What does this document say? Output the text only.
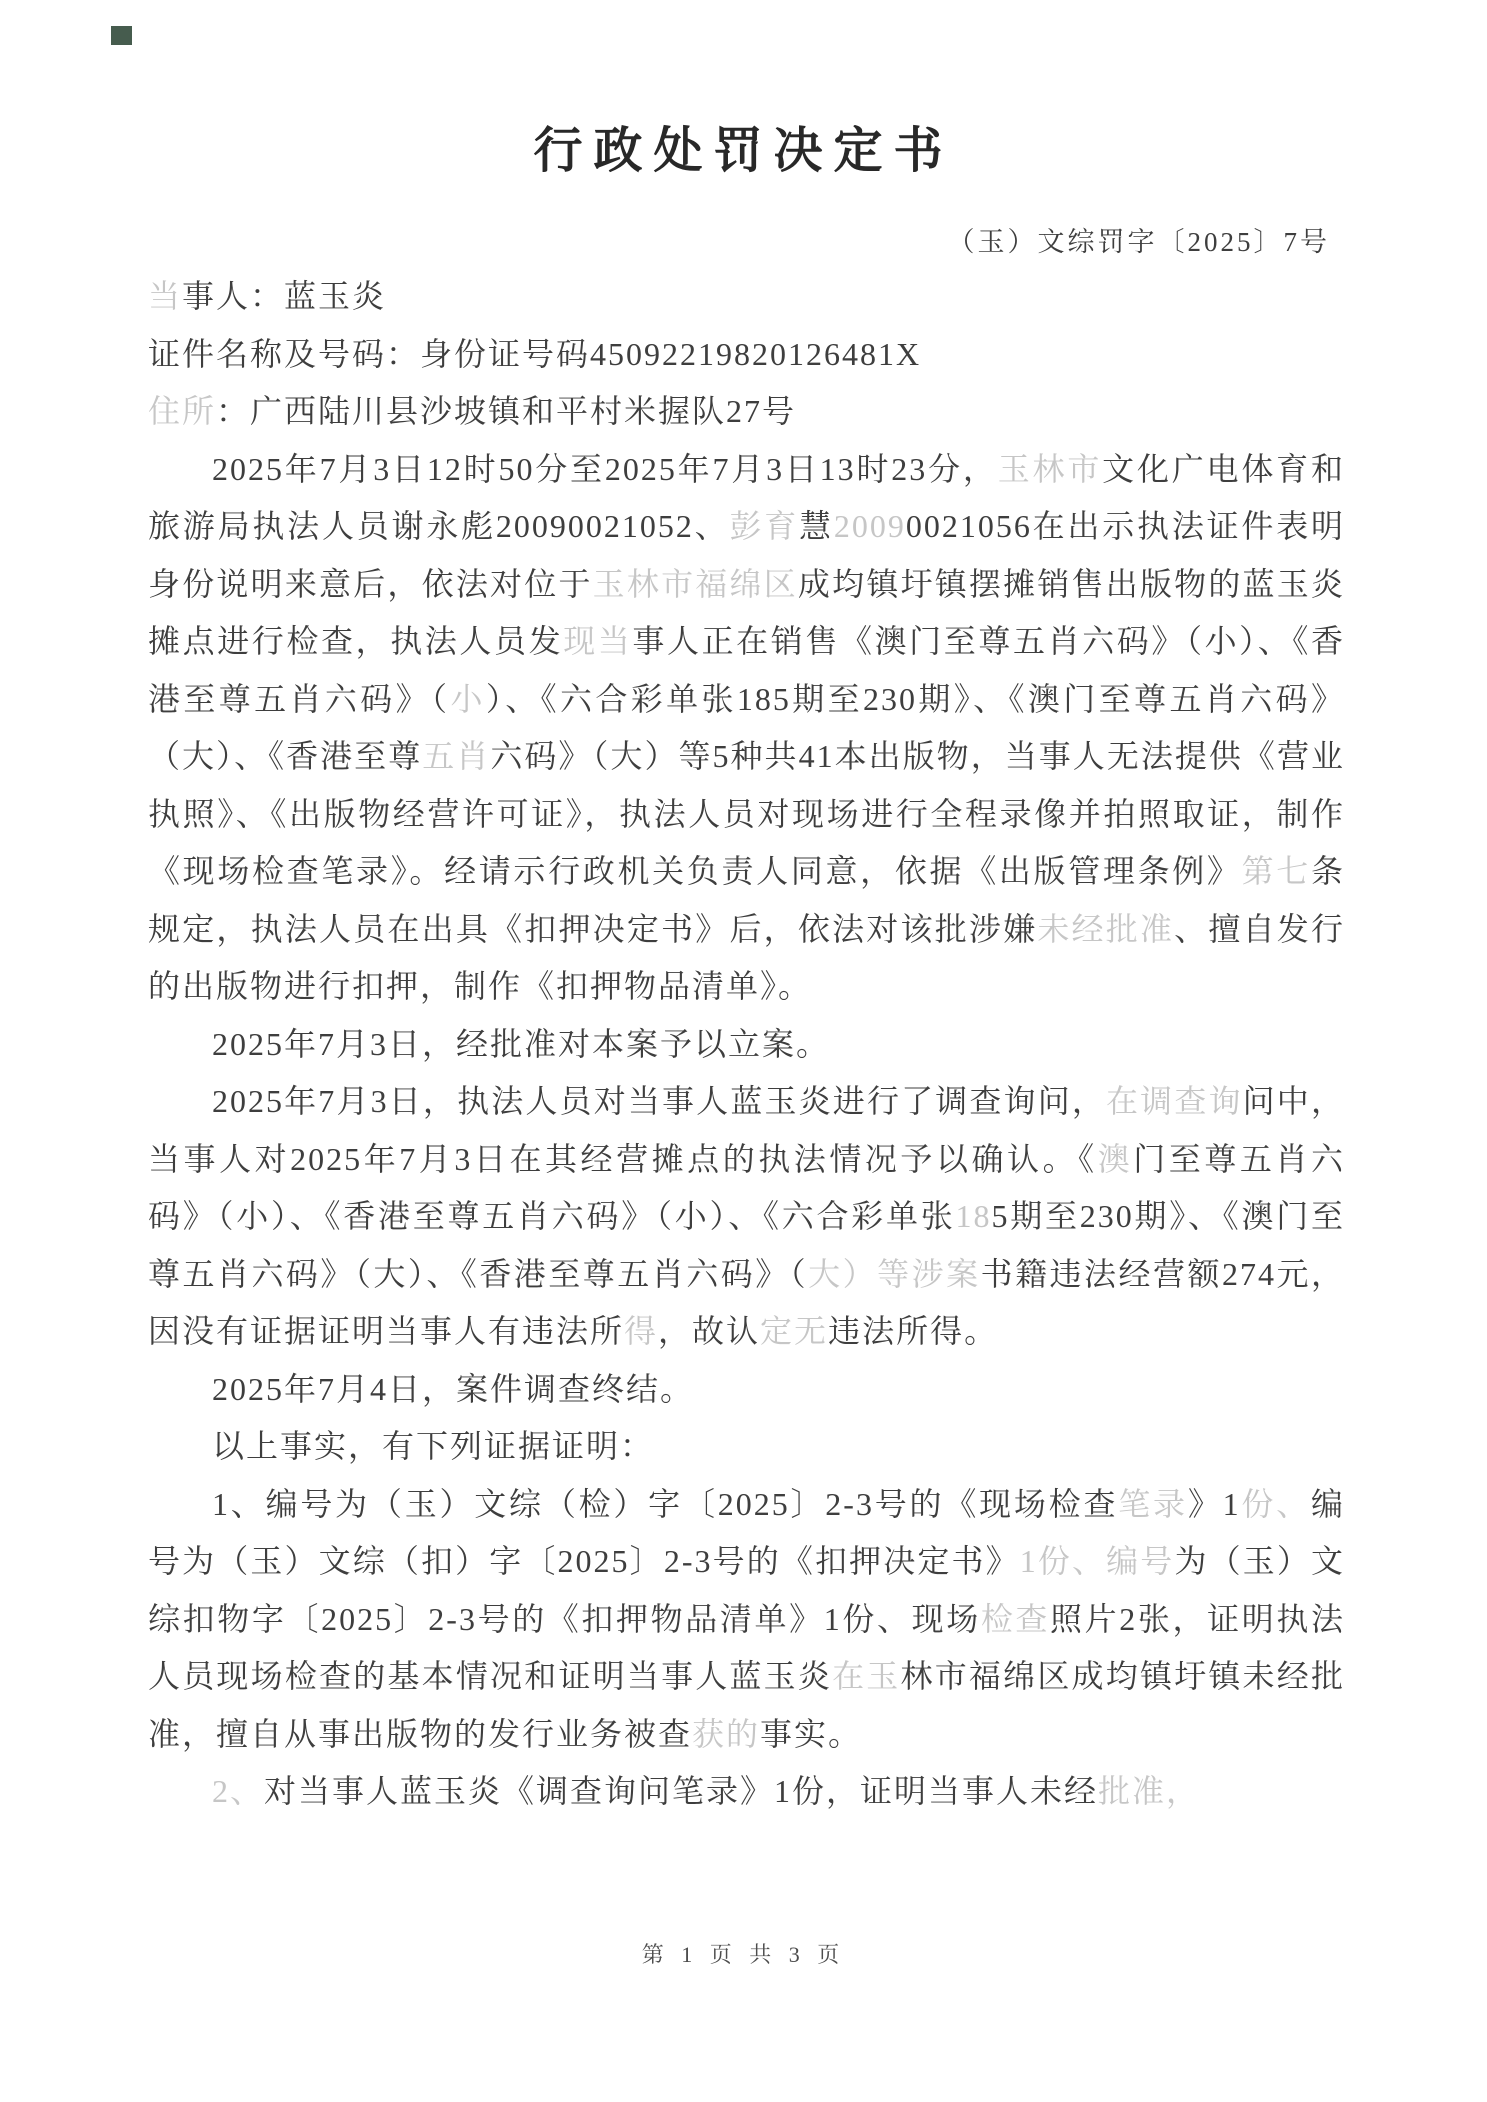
行政处罚决定书
（玉）文综罚字〔2025〕7号

当事人：蓝玉炎

证件名称及号码：身份证号码45092219820126481X

住所：广西陆川县沙坡镇和平村米握队27号

2025年7月3日12时50分至2025年7月3日13时23分，玉林市文化广电体育和旅游局执法人员谢永彪20090021052、彭育慧20090021056在出示执法证件表明身份说明来意后，依法对位于玉林市福绵区成均镇圩镇摆摊销售出版物的蓝玉炎摊点进行检查，执法人员发现当事人正在销售《澳门至尊五肖六码》（小）、《香港至尊五肖六码》（小）、《六合彩单张185期至230期》、《澳门至尊五肖六码》（大）、《香港至尊五肖六码》（大）等5种共41本出版物，当事人无法提供《营业执照》、《出版物经营许可证》，执法人员对现场进行全程录像并拍照取证，制作《现场检查笔录》。经请示行政机关负责人同意，依据《出版管理条例》第七条规定，执法人员在出具《扣押决定书》后，依法对该批涉嫌未经批准、擅自发行的出版物进行扣押，制作《扣押物品清单》。

2025年7月3日，经批准对本案予以立案。

2025年7月3日，执法人员对当事人蓝玉炎进行了调查询问，在调查询问中，当事人对2025年7月3日在其经营摊点的执法情况予以确认。《澳门至尊五肖六码》（小）、《香港至尊五肖六码》（小）、《六合彩单张185期至230期》、《澳门至尊五肖六码》（大）、《香港至尊五肖六码》（大）等涉案书籍违法经营额274元，因没有证据证明当事人有违法所得，故认定无违法所得。

2025年7月4日，案件调查终结。

以上事实，有下列证据证明：

1、编号为（玉）文综（检）字〔2025〕2-3号的《现场检查笔录》1份、编号为（玉）文综（扣）字〔2025〕2-3号的《扣押决定书》1份、编号为（玉）文综扣物字〔2025〕2-3号的《扣押物品清单》1份、现场检查照片2张，证明执法人员现场检查的基本情况和证明当事人蓝玉炎在玉林市福绵区成均镇圩镇未经批准，擅自从事出版物的发行业务被查获的事实。

2、对当事人蓝玉炎《调查询问笔录》1份，证明当事人未经批准，

第 1 页 共 3 页
